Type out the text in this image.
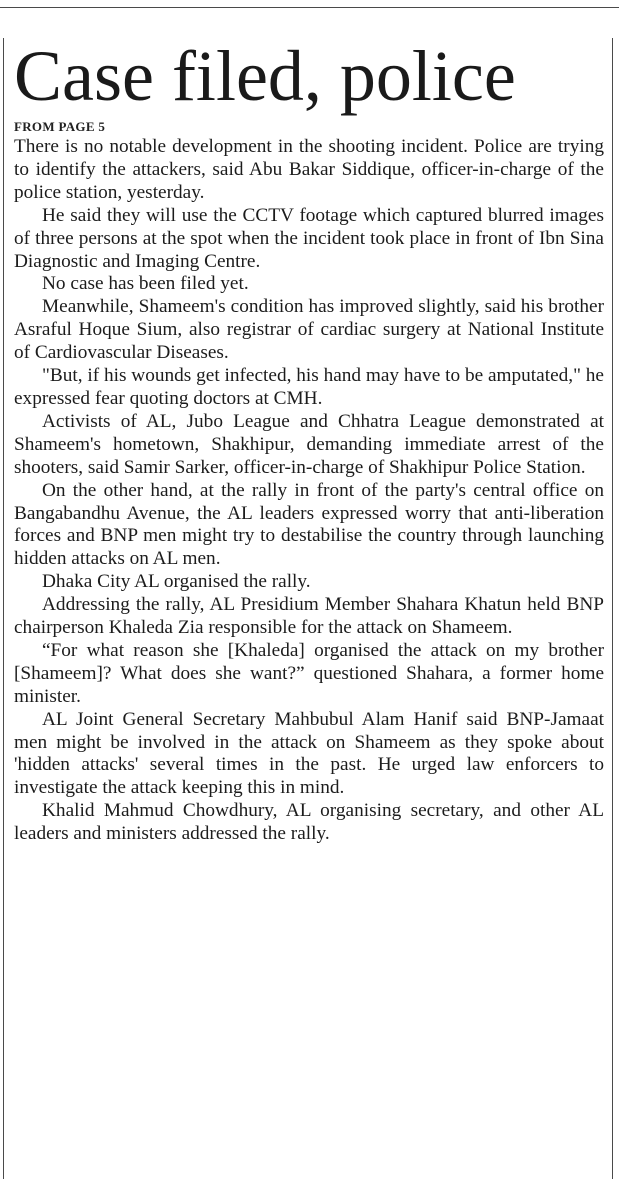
Case filed, police
FROM PAGE 5

There is no notable development in the shooting incident. Police are trying to identify the attackers, said Abu Bakar Siddique, officer-in-charge of the police station, yesterday.

He said they will use the CCTV footage which captured blurred images of three persons at the spot when the incident took place in front of Ibn Sina Diagnostic and Imaging Centre.

No case has been filed yet.

Meanwhile, Shameem's condition has improved slightly, said his brother Asraful Hoque Sium, also registrar of cardiac surgery at National Institute of Cardiovascular Diseases.

"But, if his wounds get infected, his hand may have to be amputated," he expressed fear quoting doctors at CMH.

Activists of AL, Jubo League and Chhatra League demonstrated at Shameem's hometown, Shakhipur, demanding immediate arrest of the shooters, said Samir Sarker, officer-in-charge of Shakhipur Police Station.

On the other hand, at the rally in front of the party's central office on Bangabandhu Avenue, the AL leaders expressed worry that anti-liberation forces and BNP men might try to destabilise the country through launching hidden attacks on AL men.

Dhaka City AL organised the rally.

Addressing the rally, AL Presidium Member Shahara Khatun held BNP chairperson Khaleda Zia responsible for the attack on Shameem.

“For what reason she [Khaleda] organised the attack on my brother [Shameem]? What does she want?” questioned Shahara, a former home minister.

AL Joint General Secretary Mahbubul Alam Hanif said BNP-Jamaat men might be involved in the attack on Shameem as they spoke about 'hidden attacks' several times in the past. He urged law enforcers to investigate the attack keeping this in mind.

Khalid Mahmud Chowdhury, AL organising secretary, and other AL leaders and ministers addressed the rally.
